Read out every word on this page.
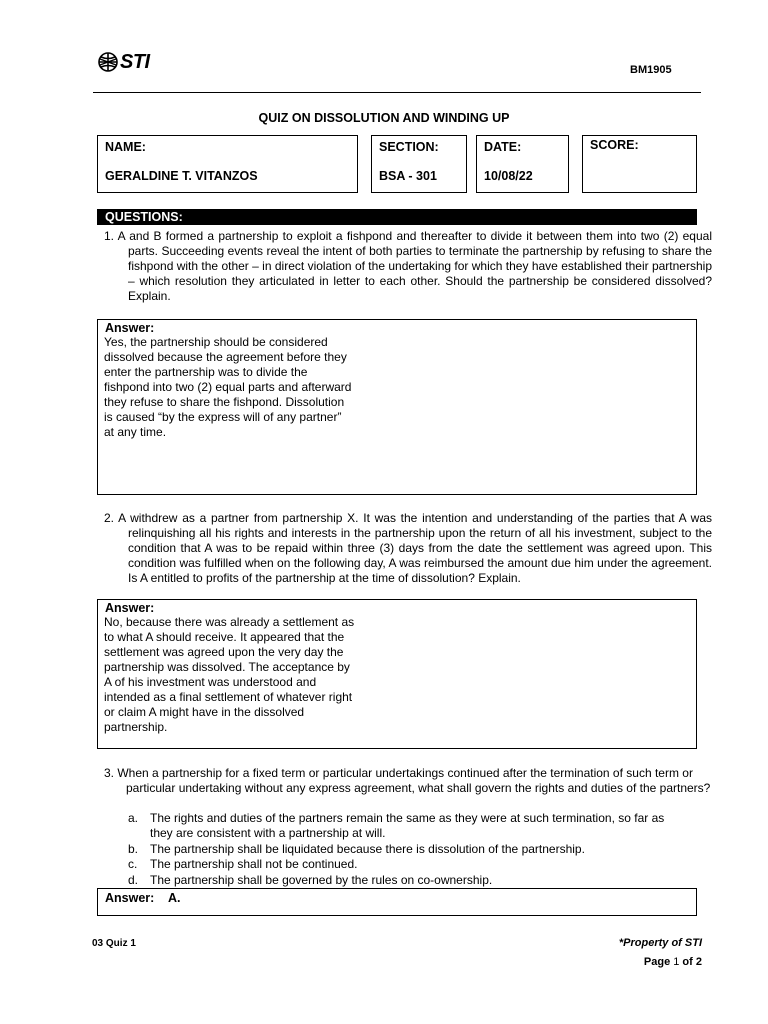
STI	BM1905
QUIZ ON DISSOLUTION AND WINDING UP
NAME:
GERALDINE T. VITANZOS
SECTION:
BSA - 301
DATE:
10/08/22
SCORE:
QUESTIONS:
1. A and B formed a partnership to exploit a fishpond and thereafter to divide it between them into two (2) equal parts. Succeeding events reveal the intent of both parties to terminate the partnership by refusing to share the fishpond with the other – in direct violation of the undertaking for which they have established their partnership – which resolution they articulated in letter to each other. Should the partnership be considered dissolved? Explain.
Answer:
Yes, the partnership should be considered dissolved because the agreement before they enter the partnership was to divide the fishpond into two (2) equal parts and afterward they refuse to share the fishpond. Dissolution is caused “by the express will of any partner” at any time.
2. A withdrew as a partner from partnership X. It was the intention and understanding of the parties that A was relinquishing all his rights and interests in the partnership upon the return of all his investment, subject to the condition that A was to be repaid within three (3) days from the date the settlement was agreed upon. This condition was fulfilled when on the following day, A was reimbursed the amount due him under the agreement. Is A entitled to profits of the partnership at the time of dissolution? Explain.
Answer:
No, because there was already a settlement as to what A should receive. It appeared that the settlement was agreed upon the very day the partnership was dissolved. The acceptance by A of his investment was understood and intended as a final settlement of whatever right or claim A might have in the dissolved partnership.
3. When a partnership for a fixed term or particular undertakings continued after the termination of such term or particular undertaking without any express agreement, what shall govern the rights and duties of the partners?
a. The rights and duties of the partners remain the same as they were at such termination, so far as they are consistent with a partnership at will.
b. The partnership shall be liquidated because there is dissolution of the partnership.
c. The partnership shall not be continued.
d. The partnership shall be governed by the rules on co-ownership.
Answer: A.
03 Quiz 1	*Property of STI
Page 1 of 2
